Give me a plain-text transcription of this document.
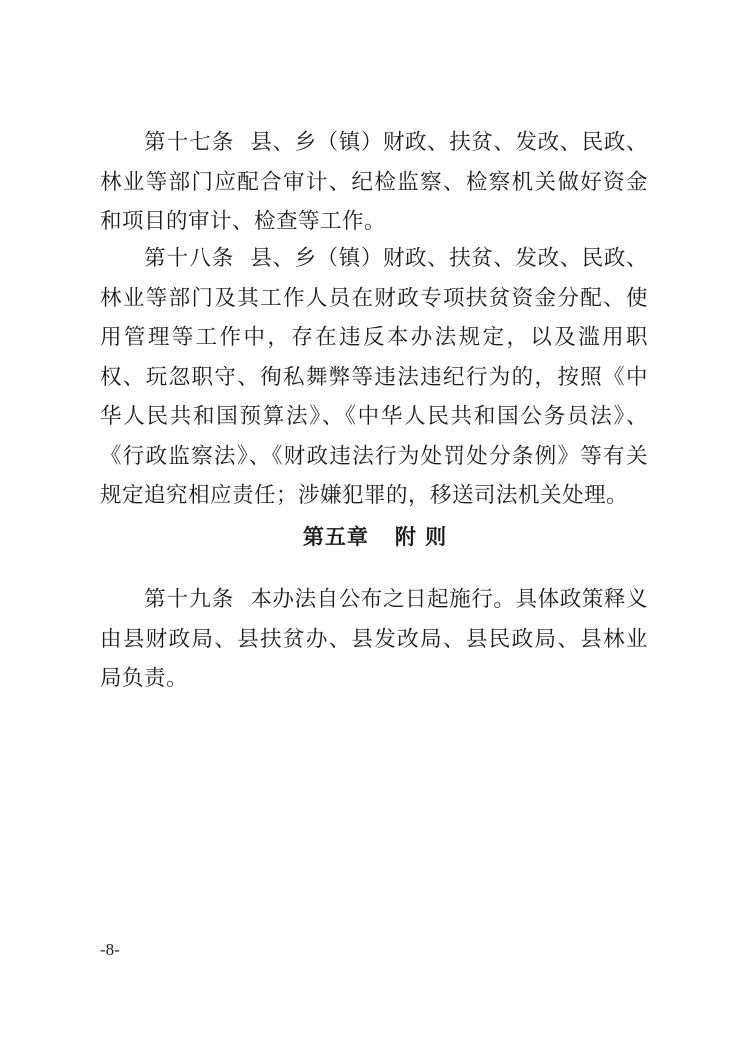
第十七条 县、乡（镇）财政、扶贫、发改、民政、林业等部门应配合审计、纪检监察、检察机关做好资金和项目的审计、检查等工作。

第十八条 县、乡（镇）财政、扶贫、发改、民政、林业等部门及其工作人员在财政专项扶贫资金分配、使用管理等工作中，存在违反本办法规定，以及滥用职权、玩忽职守、徇私舞弊等违法违纪行为的，按照《中华人民共和国预算法》、《中华人民共和国公务员法》、《行政监察法》、《财政违法行为处罚处分条例》等有关规定追究相应责任；涉嫌犯罪的，移送司法机关处理。

第五章 附 则

第十九条 本办法自公布之日起施行。具体政策释义由县财政局、县扶贫办、县发改局、县民政局、县林业局负责。

-8-
